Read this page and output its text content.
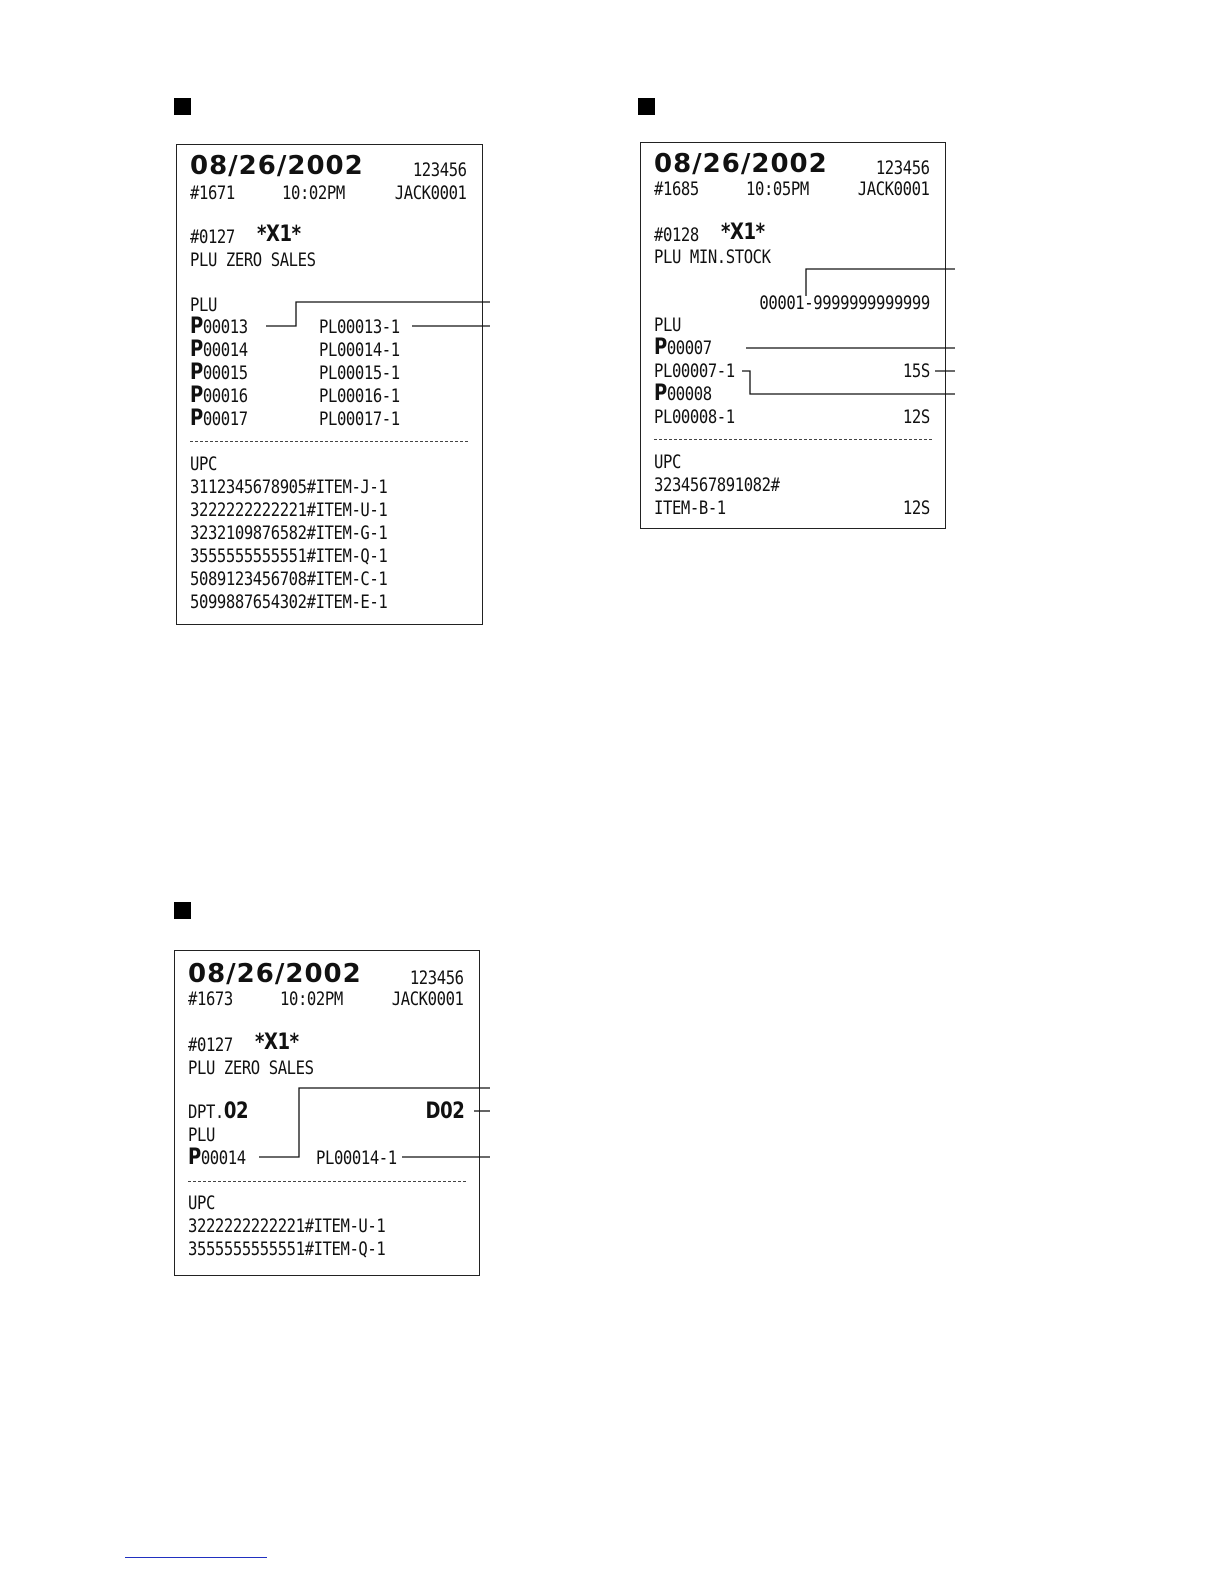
08/26/2002	123456
#1671 10:02PM	JACK0001
#0127 *X1*
PLU ZERO SALES
PLU
P00013	PL00013-1
P00014	PL00014-1
P00015	PL00015-1
P00016	PL00016-1
P00017	PL00017-1
UPC
3112345678905#ITEM-J-1
3222222222221#ITEM-U-1
3232109876582#ITEM-G-1
3555555555551#ITEM-Q-1
5089123456708#ITEM-C-1
5099887654302#ITEM-E-1
08/26/2002	123456
#1685 10:05PM	JACK0001
#0128 *X1*
PLU MIN.STOCK
00001-9999999999999
PLU
P00007
PL00007-1	15S
P00008
PL00008-1	12S
UPC
3234567891082#
ITEM-B-1	12S
08/26/2002	123456
#1673 10:02PM	JACK0001
#0127 *X1*
PLU ZERO SALES
DPT.02	D02
PLU
P00014	PL00014-1
UPC
3222222222221#ITEM-U-1
3555555555551#ITEM-Q-1
